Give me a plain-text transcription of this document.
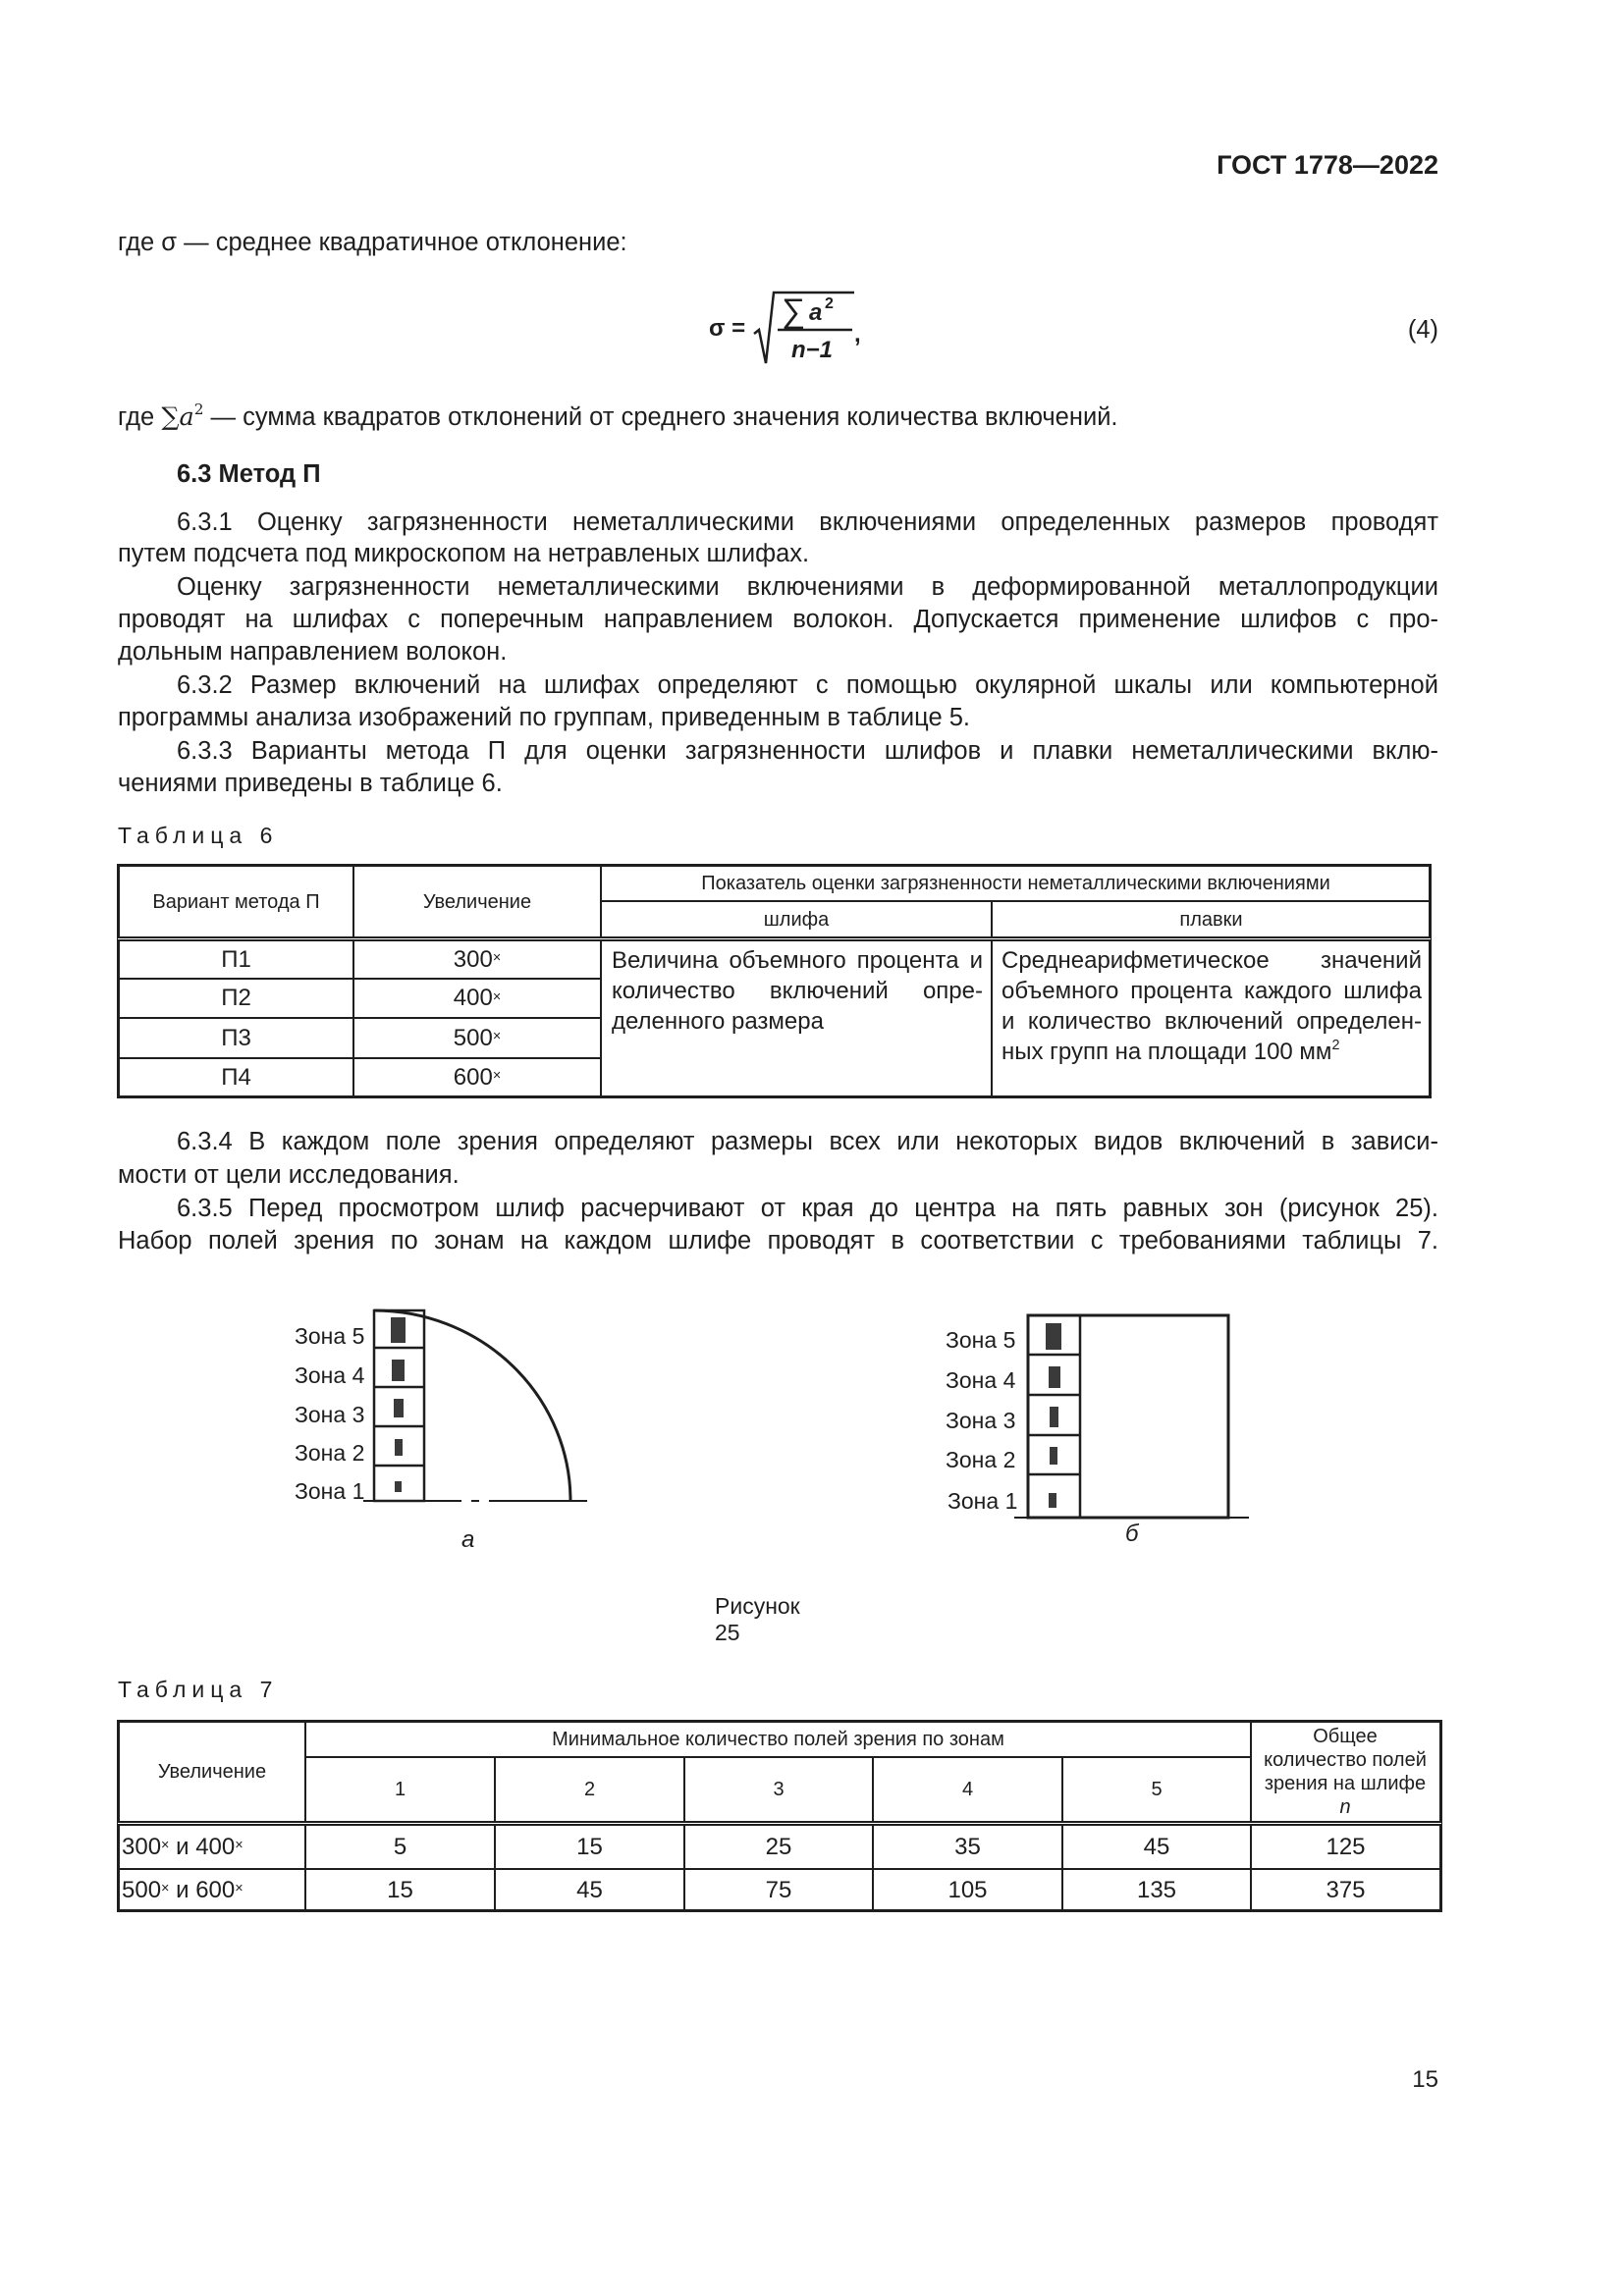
ГОСТ 1778—2022
где σ — среднее квадратичное отклонение:
σ = ∑ a 2
n−1
,	(4)
где $\sum a^2$ — сумма квадратов отклонений от среднего значения количества включений.
6.3 Метод П
6.3.1 Оценку загрязненности неметаллическими включениями определенных размеров проводят
путем подсчета под микроскопом на нетравленых шлифах.
Оценку загрязненности неметаллическими включениями в деформированной металлопродукции
проводят на шлифах с поперечным направлением волокон. Допускается применение шлифов с про-
дольным направлением волокон.
6.3.2 Размер включений на шлифах определяют с помощью окулярной шкалы или компьютерной
программы анализа изображений по группам, приведенным в таблице 5.
6.3.3 Варианты метода П для оценки загрязненности шлифов и плавки неметаллическими вклю-
чениями приведены в таблице 6.
Таблица 6
Вариант метода П	Увеличение
Показатель оценки загрязненности неметаллическими включениями
шлифа	плавки
П1	300×
П2	400×
П3	500×
П4	600×
Величина объемного процента и количество включений определенного размера
Среднеарифметическое значений объемного процента каждого шлифа и количество включений определенных групп на площади 100 $мм^2$
6.3.4 В каждом поле зрения определяют размеры всех или некоторых видов включений в зависи-
мости от цели исследования.
6.3.5 Перед просмотром шлиф расчерчивают от края до центра на пять равных зон (рисунок 25).
Набор полей зрения по зонам на каждом шлифе проводят в соответствии с требованиями таблицы 7.
Зона 5
Зона 4
Зона 3
Зона 2
Зона 1
а
Зона 5
Зона 4
Зона 3
Зона 2
Зона 1
б
Рисунок 25
Таблица 7
Увеличение
Минимальное количество полей зрения по зонам
1	2	3	4	5
Общее количество полей зрения на шлифе n
300× и 400×	5	15	25	35	45	125
500× и 600×	15	45	75	105	135	375
15
